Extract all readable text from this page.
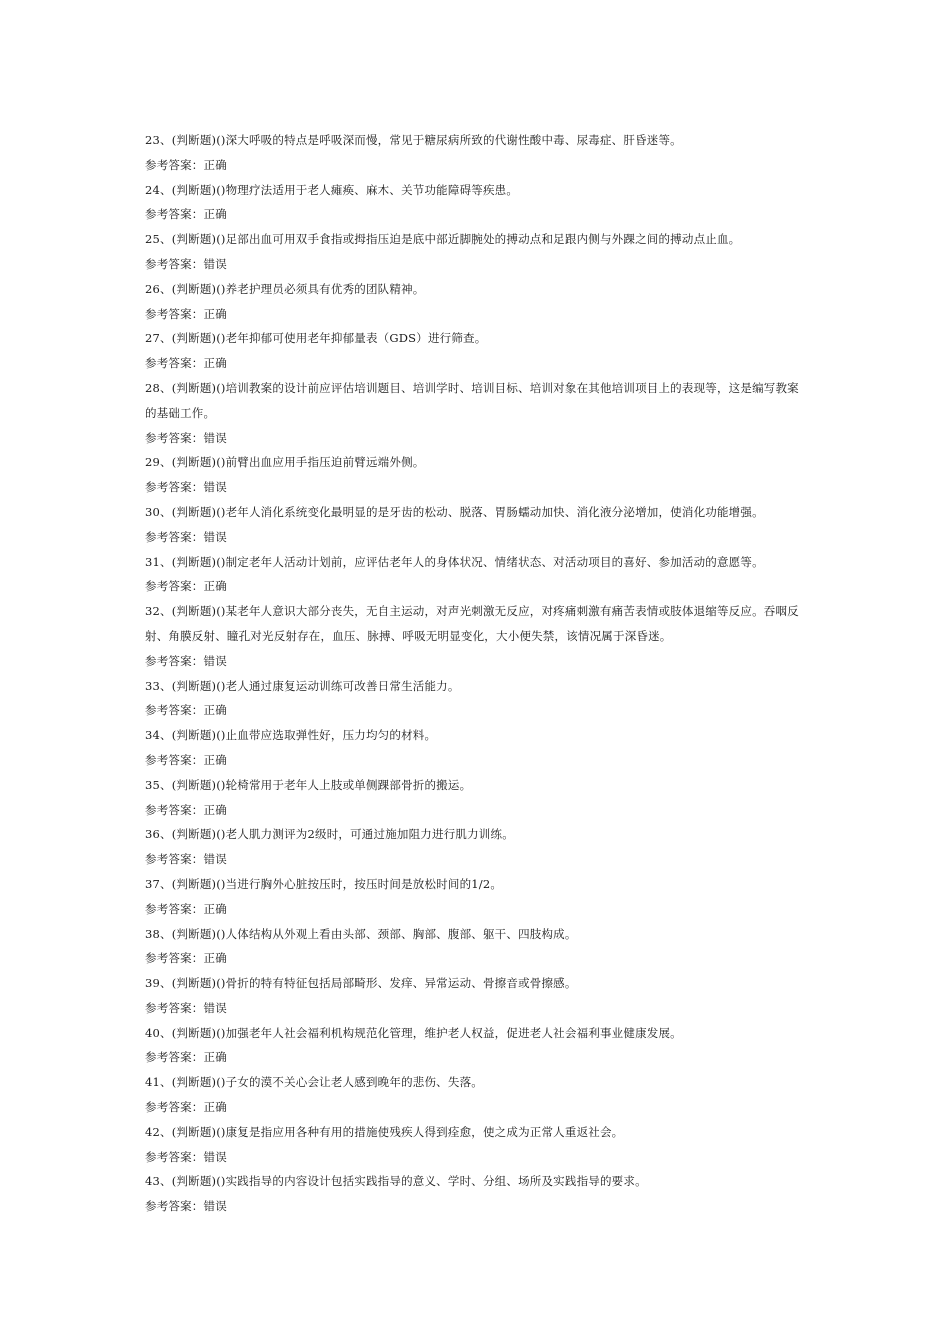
23、(判断题)()深大呼吸的特点是呼吸深而慢，常见于糖尿病所致的代谢性酸中毒、尿毒症、肝昏迷等。
参考答案：正确
24、(判断题)()物理疗法适用于老人瘫痪、麻木、关节功能障碍等疾患。
参考答案：正确
25、(判断题)()足部出血可用双手食指或拇指压迫是底中部近脚腕处的搏动点和足跟内侧与外踝之间的搏动点止血。
参考答案：错误
26、(判断题)()养老护理员必须具有优秀的团队精神。
参考答案：正确
27、(判断题)()老年抑郁可使用老年抑郁量表（GDS）进行筛查。
参考答案：正确
28、(判断题)()培训教案的设计前应评估培训题目、培训学时、培训目标、培训对象在其他培训项目上的表现等，这是编写教案的基础工作。
参考答案：错误
29、(判断题)()前臂出血应用手指压迫前臂远端外侧。
参考答案：错误
30、(判断题)()老年人消化系统变化最明显的是牙齿的松动、脱落、胃肠蠕动加快、消化液分泌增加，使消化功能增强。
参考答案：错误
31、(判断题)()制定老年人活动计划前，应评估老年人的身体状况、情绪状态、对活动项目的喜好、参加活动的意愿等。
参考答案：正确
32、(判断题)()某老年人意识大部分丧失，无自主运动，对声光刺激无反应，对疼痛刺激有痛苦表情或肢体退缩等反应。吞咽反射、角膜反射、瞳孔对光反射存在，血压、脉搏、呼吸无明显变化，大小便失禁，该情况属于深昏迷。
参考答案：错误
33、(判断题)()老人通过康复运动训练可改善日常生活能力。
参考答案：正确
34、(判断题)()止血带应选取弹性好，压力均匀的材料。
参考答案：正确
35、(判断题)()轮椅常用于老年人上肢或单侧踝部骨折的搬运。
参考答案：正确
36、(判断题)()老人肌力测评为2级时，可通过施加阻力进行肌力训练。
参考答案：错误
37、(判断题)()当进行胸外心脏按压时，按压时间是放松时间的1/2。
参考答案：正确
38、(判断题)()人体结构从外观上看由头部、颈部、胸部、腹部、躯干、四肢构成。
参考答案：正确
39、(判断题)()骨折的特有特征包括局部畸形、发痒、异常运动、骨擦音或骨擦感。
参考答案：错误
40、(判断题)()加强老年人社会福利机构规范化管理，维护老人权益，促进老人社会福利事业健康发展。
参考答案：正确
41、(判断题)()子女的漠不关心会让老人感到晚年的悲伤、失落。
参考答案：正确
42、(判断题)()康复是指应用各种有用的措施使残疾人得到痊愈，使之成为正常人重返社会。
参考答案：错误
43、(判断题)()实践指导的内容设计包括实践指导的意义、学时、分组、场所及实践指导的要求。
参考答案：错误
